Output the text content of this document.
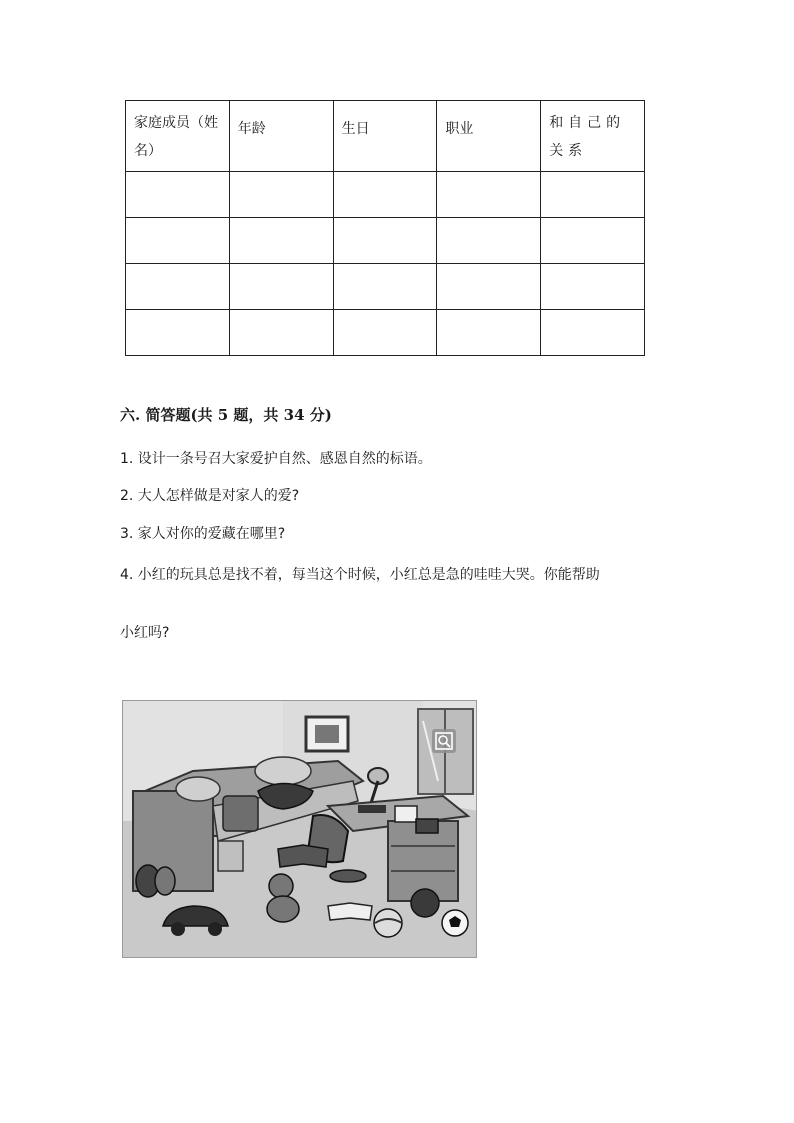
家庭成员（姓名）	年龄	生日	职业	和自己的关系

六. 简答题(共 5 题，共 34 分)
1. 设计一条号召大家爱护自然、感恩自然的标语。
2. 大人怎样做是对家人的爱?
3. 家人对你的爱藏在哪里?
4. 小红的玩具总是找不着，每当这个时候，小红总是急的哇哇大哭。你能帮助
小红吗?
